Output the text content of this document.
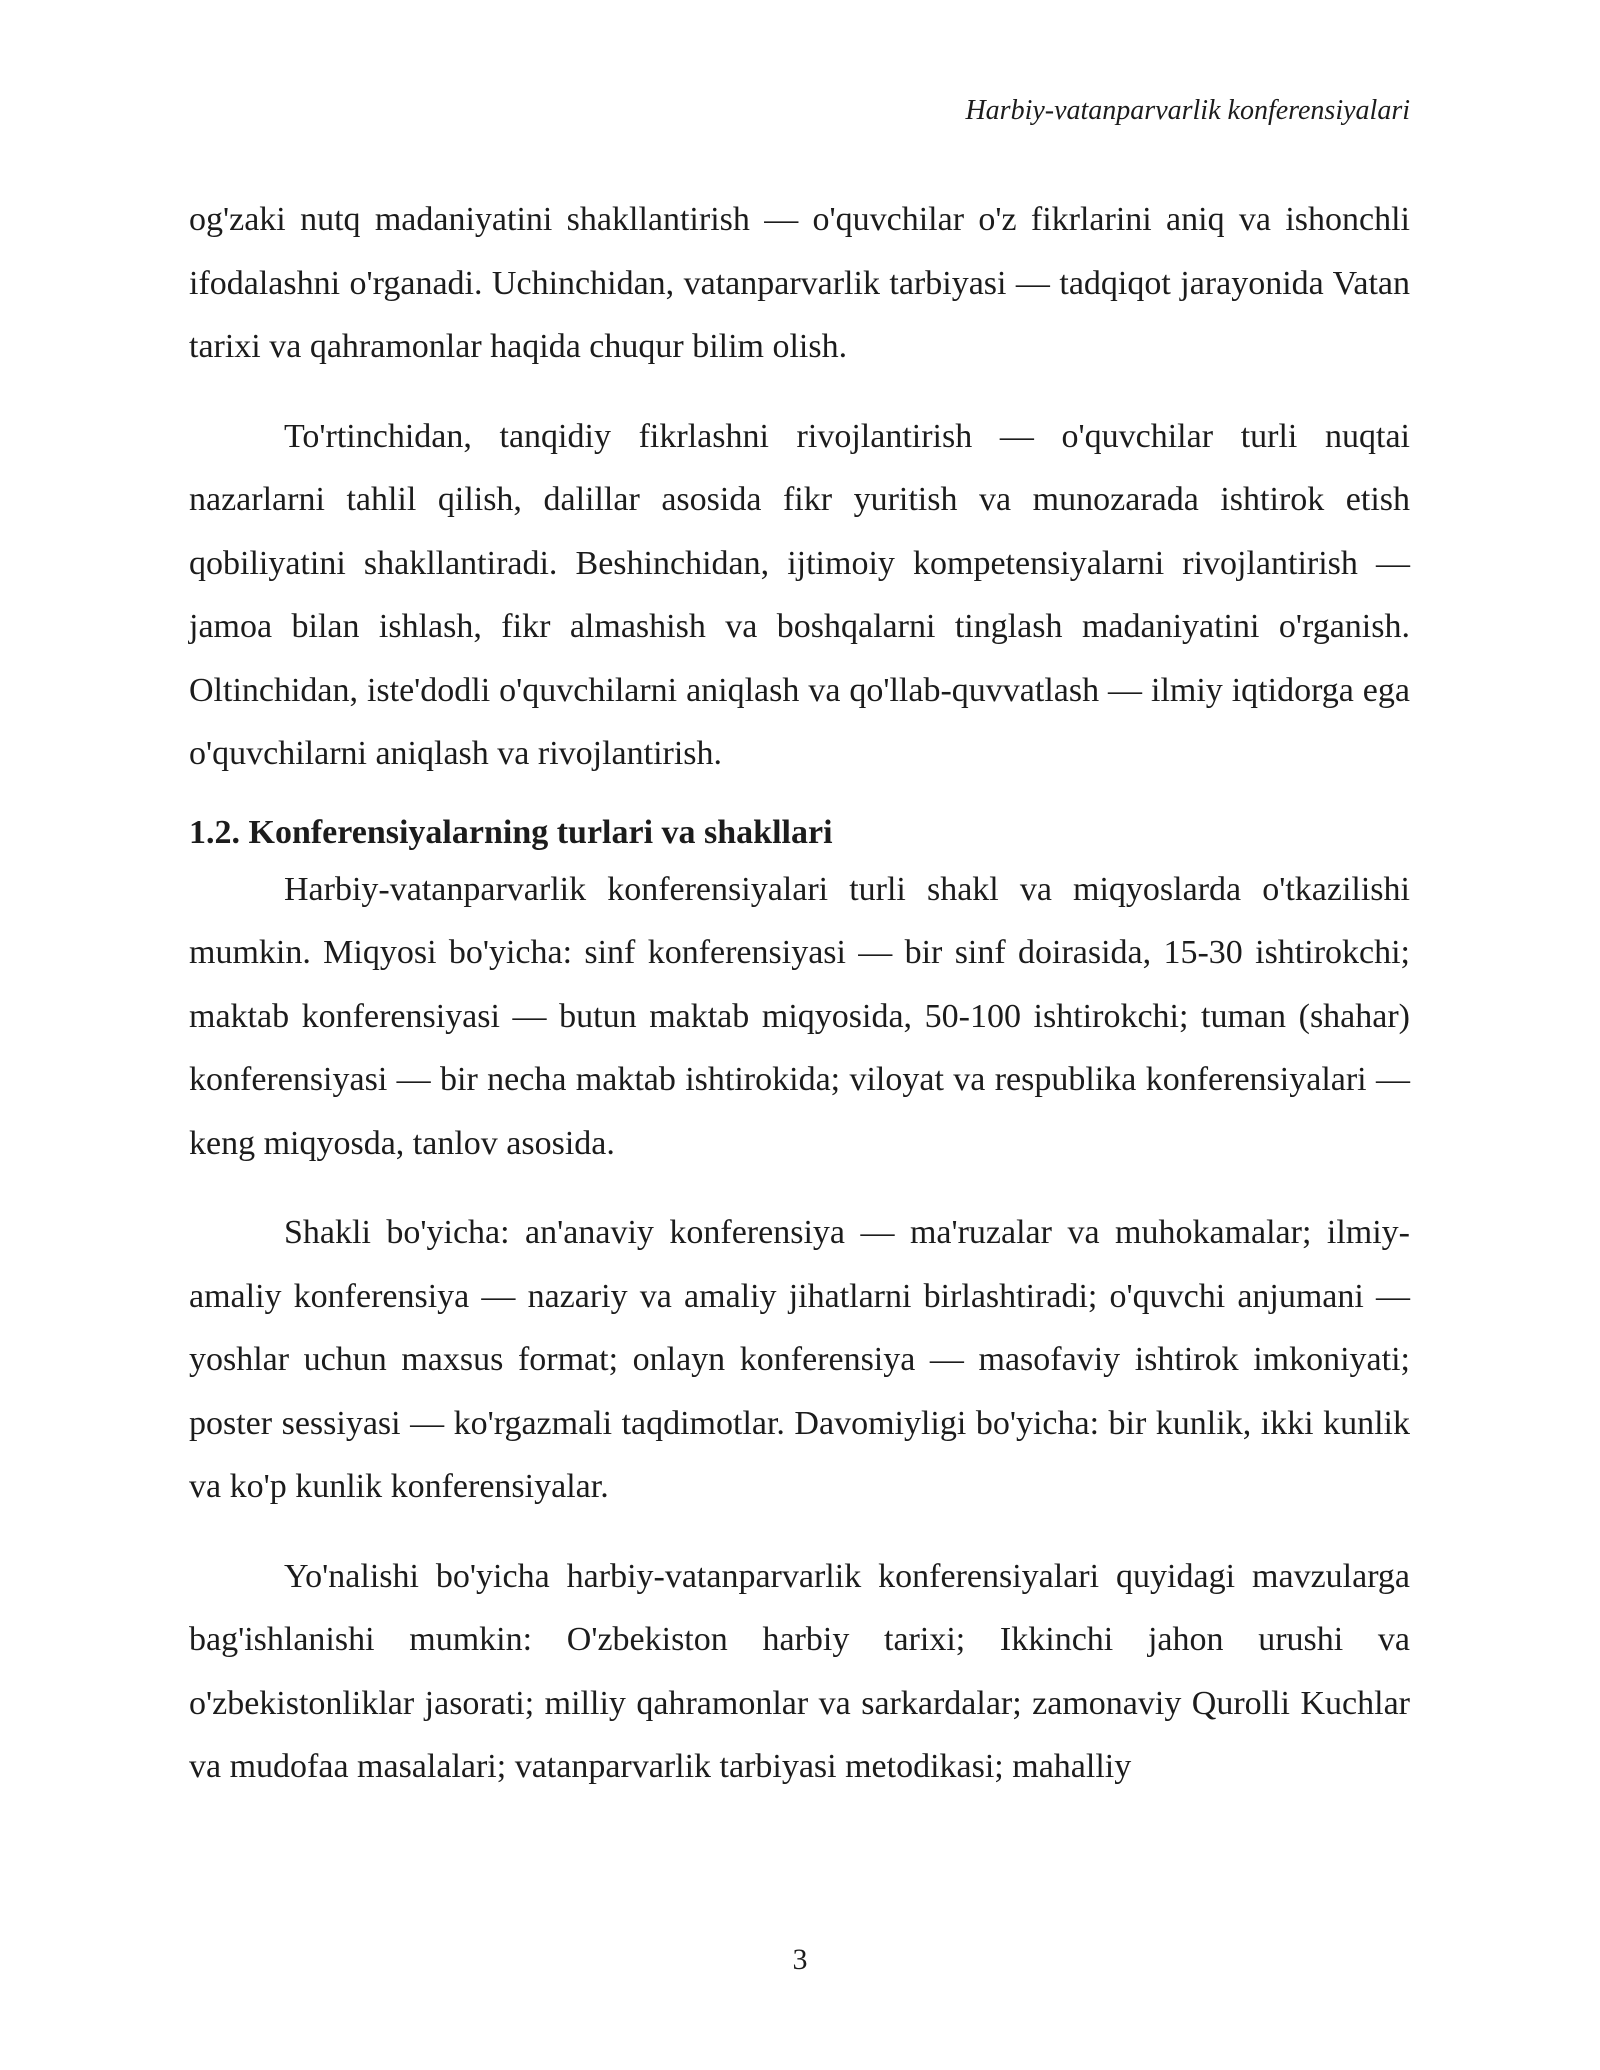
Harbiy-vatanparvarlik konferensiyalari

og'zaki nutq madaniyatini shakllantirish — o'quvchilar o'z fikrlarini aniq va ishonchli ifodalashni o'rganadi. Uchinchidan, vatanparvarlik tarbiyasi — tadqiqot jarayonida Vatan tarixi va qahramonlar haqida chuqur bilim olish.

To'rtinchidan, tanqidiy fikrlashni rivojlantirish — o'quvchilar turli nuqtai nazarlarni tahlil qilish, dalillar asosida fikr yuritish va munozarada ishtirok etish qobiliyatini shakllantiradi. Beshinchidan, ijtimoiy kompetensiyalarni rivojlantirish — jamoa bilan ishlash, fikr almashish va boshqalarni tinglash madaniyatini o'rganish. Oltinchidan, iste'dodli o'quvchilarni aniqlash va qo'llab-quvvatlash — ilmiy iqtidorga ega o'quvchilarni aniqlash va rivojlantirish.

1.2. Konferensiyalarning turlari va shakllari

Harbiy-vatanparvarlik konferensiyalari turli shakl va miqyoslarda o'tkazilishi mumkin. Miqyosi bo'yicha: sinf konferensiyasi — bir sinf doirasida, 15-30 ishtirokchi; maktab konferensiyasi — butun maktab miqyosida, 50-100 ishtirokchi; tuman (shahar) konferensiyasi — bir necha maktab ishtirokida; viloyat va respublika konferensiyalari — keng miqyosda, tanlov asosida.

Shakli bo'yicha: an'anaviy konferensiya — ma'ruzalar va muhokamalar; ilmiy-amaliy konferensiya — nazariy va amaliy jihatlarni birlashtiradi; o'quvchi anjumani — yoshlar uchun maxsus format; onlayn konferensiya — masofaviy ishtirok imkoniyati; poster sessiyasi — ko'rgazmali taqdimotlar. Davomiyligi bo'yicha: bir kunlik, ikki kunlik va ko'p kunlik konferensiyalar.

Yo'nalishi bo'yicha harbiy-vatanparvarlik konferensiyalari quyidagi mavzularga bag'ishlanishi mumkin: O'zbekiston harbiy tarixi; Ikkinchi jahon urushi va o'zbekistonliklar jasorati; milliy qahramonlar va sarkardalar; zamonaviy Qurolli Kuchlar va mudofaa masalalari; vatanparvarlik tarbiyasi metodikasi; mahalliy

3
